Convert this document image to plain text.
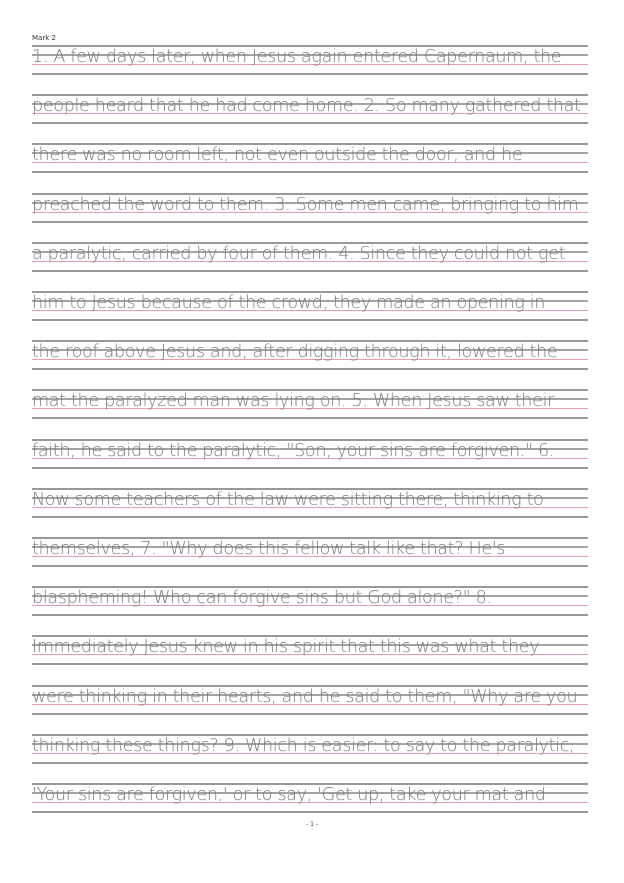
Mark 2
1. A few days later, when Jesus again entered Capernaum, the
people heard that he had come home. 2. So many gathered that
there was no room left, not even outside the door, and he
preached the word to them. 3. Some men came, bringing to him
a paralytic, carried by four of them. 4. Since they could not get
him to Jesus because of the crowd, they made an opening in
the roof above Jesus and, after digging through it, lowered the
mat the paralyzed man was lying on. 5. When Jesus saw their
faith, he said to the paralytic, "Son, your sins are forgiven." 6.
Now some teachers of the law were sitting there, thinking to
themselves, 7. "Why does this fellow talk like that? He's
blaspheming! Who can forgive sins but God alone?" 8.
Immediately Jesus knew in his spirit that this was what they
were thinking in their hearts, and he said to them, "Why are you
thinking these things? 9. Which is easier: to say to the paralytic,
'Your sins are forgiven,' or to say, 'Get up, take your mat and
- 1 -
